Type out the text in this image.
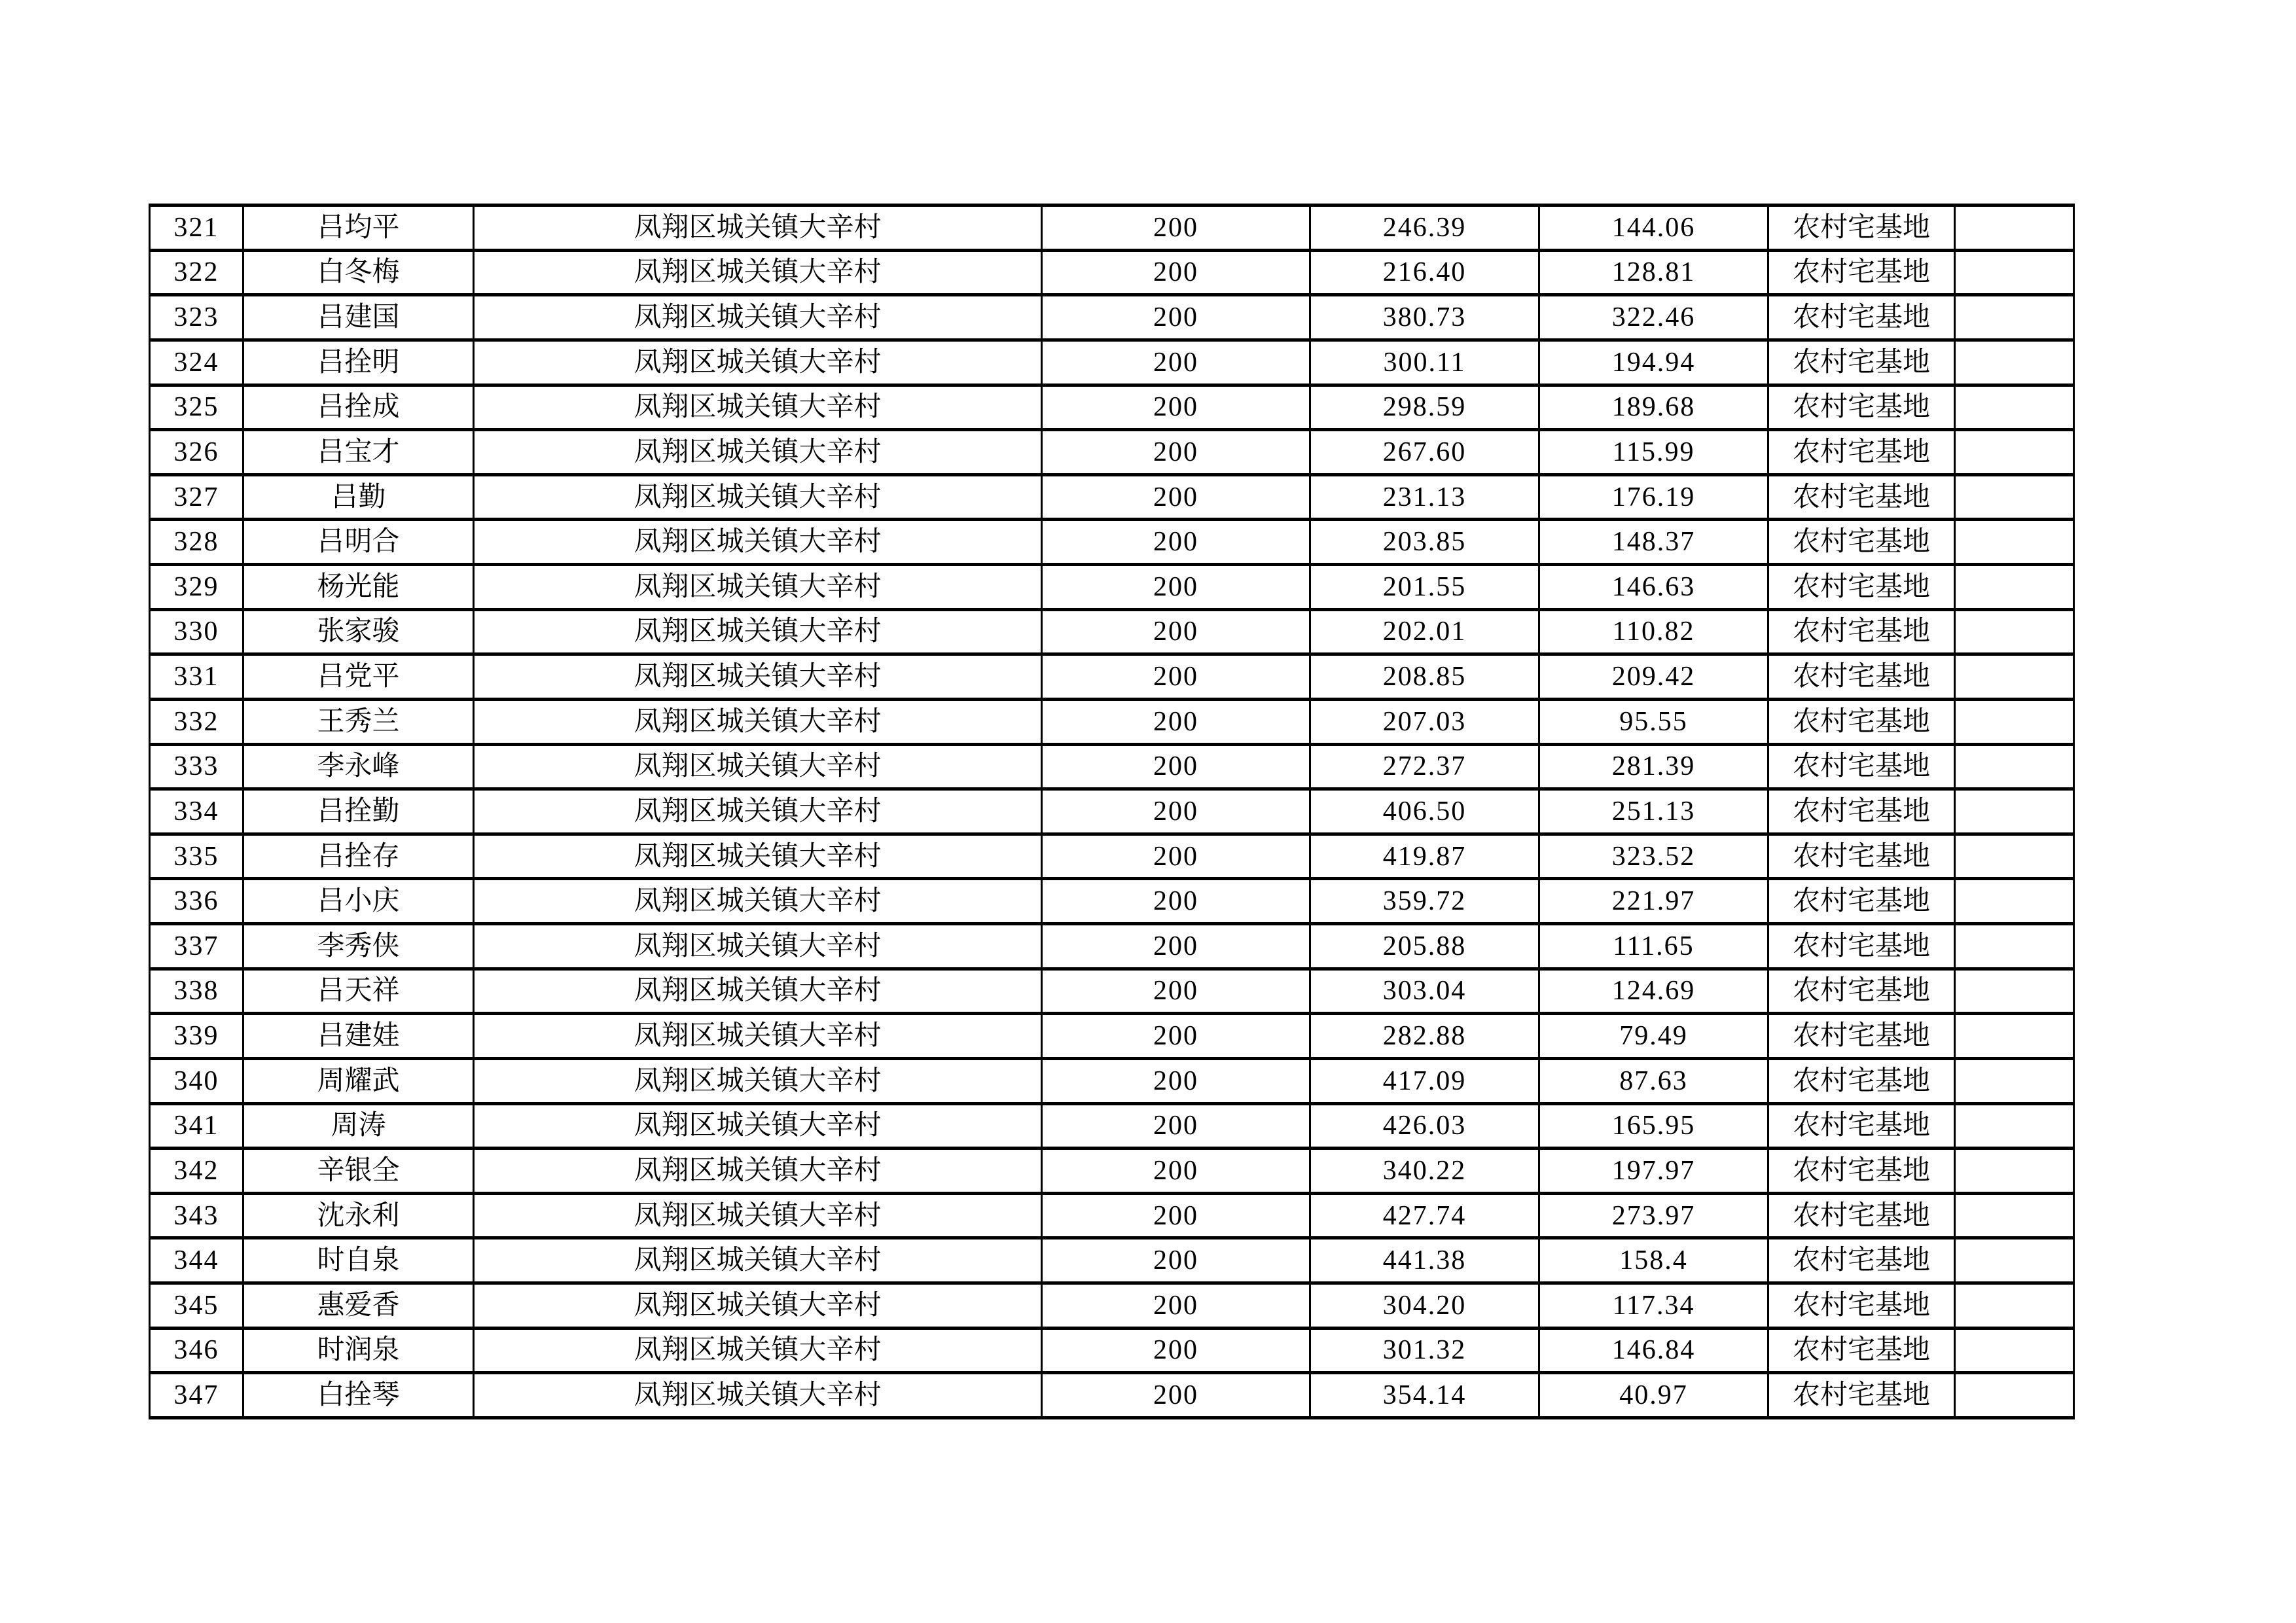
321	吕均平	凤翔区城关镇大辛村	200	246.39	144.06	农村宅基地	
322	白冬梅	凤翔区城关镇大辛村	200	216.40	128.81	农村宅基地	
323	吕建国	凤翔区城关镇大辛村	200	380.73	322.46	农村宅基地	
324	吕拴明	凤翔区城关镇大辛村	200	300.11	194.94	农村宅基地	
325	吕拴成	凤翔区城关镇大辛村	200	298.59	189.68	农村宅基地	
326	吕宝才	凤翔区城关镇大辛村	200	267.60	115.99	农村宅基地	
327	吕勤	凤翔区城关镇大辛村	200	231.13	176.19	农村宅基地	
328	吕明合	凤翔区城关镇大辛村	200	203.85	148.37	农村宅基地	
329	杨光能	凤翔区城关镇大辛村	200	201.55	146.63	农村宅基地	
330	张家骏	凤翔区城关镇大辛村	200	202.01	110.82	农村宅基地	
331	吕党平	凤翔区城关镇大辛村	200	208.85	209.42	农村宅基地	
332	王秀兰	凤翔区城关镇大辛村	200	207.03	95.55	农村宅基地	
333	李永峰	凤翔区城关镇大辛村	200	272.37	281.39	农村宅基地	
334	吕拴勤	凤翔区城关镇大辛村	200	406.50	251.13	农村宅基地	
335	吕拴存	凤翔区城关镇大辛村	200	419.87	323.52	农村宅基地	
336	吕小庆	凤翔区城关镇大辛村	200	359.72	221.97	农村宅基地	
337	李秀侠	凤翔区城关镇大辛村	200	205.88	111.65	农村宅基地	
338	吕天祥	凤翔区城关镇大辛村	200	303.04	124.69	农村宅基地	
339	吕建娃	凤翔区城关镇大辛村	200	282.88	79.49	农村宅基地	
340	周耀武	凤翔区城关镇大辛村	200	417.09	87.63	农村宅基地	
341	周涛	凤翔区城关镇大辛村	200	426.03	165.95	农村宅基地	
342	辛银全	凤翔区城关镇大辛村	200	340.22	197.97	农村宅基地	
343	沈永利	凤翔区城关镇大辛村	200	427.74	273.97	农村宅基地	
344	时自泉	凤翔区城关镇大辛村	200	441.38	158.4	农村宅基地	
345	惠爱香	凤翔区城关镇大辛村	200	304.20	117.34	农村宅基地	
346	时润泉	凤翔区城关镇大辛村	200	301.32	146.84	农村宅基地	
347	白拴琴	凤翔区城关镇大辛村	200	354.14	40.97	农村宅基地	
